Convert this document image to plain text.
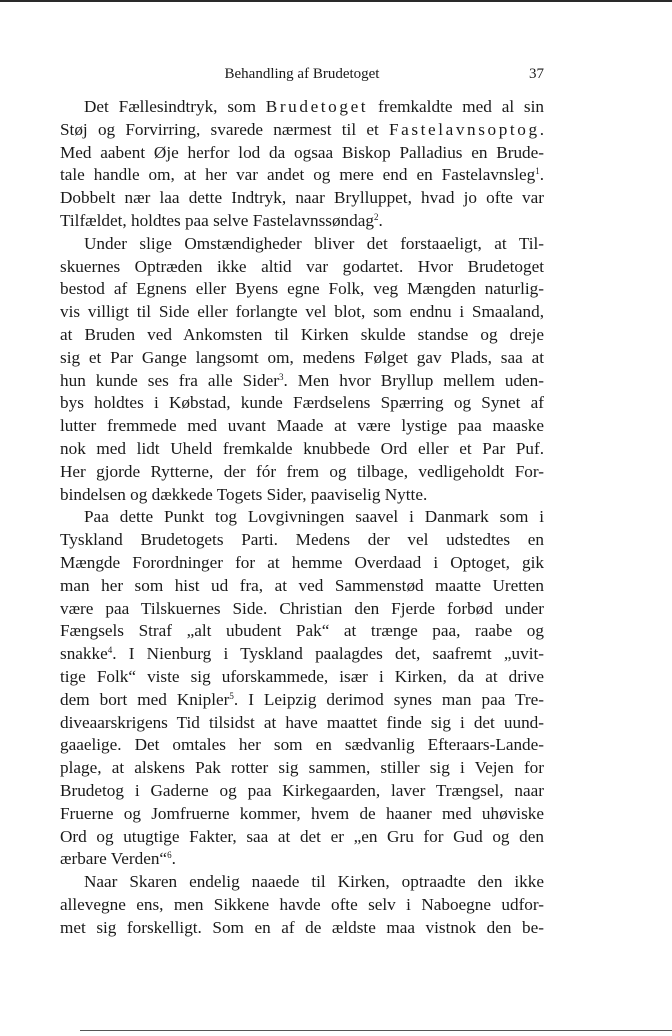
Behandling af Brudetoget	37
Det Fællesindtryk, som Brudetoget fremkaldte med al sin
Støj og Forvirring, svarede nærmest til et Fastelavnsoptog.
Med aabent Øje herfor lod da ogsaa Biskop Palladius en Brude-
tale handle om, at her var andet og mere end en Fastelavnsleg$^1$.
Dobbelt nær laa dette Indtryk, naar Brylluppet, hvad jo ofte var
Tilfældet, holdtes paa selve Fastelavnssøndag$^2$.
Under slige Omstændigheder bliver det forstaaeligt, at Til-
skuernes Optræden ikke altid var godartet. Hvor Brudetoget
bestod af Egnens eller Byens egne Folk, veg Mængden naturlig-
vis villigt til Side eller forlangte vel blot, som endnu i Smaaland,
at Bruden ved Ankomsten til Kirken skulde standse og dreje
sig et Par Gange langsomt om, medens Følget gav Plads, saa at
hun kunde ses fra alle Sider$^3$. Men hvor Bryllup mellem uden-
bys holdtes i Købstad, kunde Færdselens Spærring og Synet af
lutter fremmede med uvant Maade at være lystige paa maaske
nok med lidt Uheld fremkalde knubbede Ord eller et Par Puf.
Her gjorde Rytterne, der fór frem og tilbage, vedligeholdt For-
bindelsen og dækkede Togets Sider, paaviselig Nytte.
Paa dette Punkt tog Lovgivningen saavel i Danmark som i
Tyskland Brudetogets Parti. Medens der vel udstedtes en
Mængde Forordninger for at hemme Overdaad i Optoget, gik
man her som hist ud fra, at ved Sammenstød maatte Uretten
være paa Tilskuernes Side. Christian den Fjerde forbød under
Fængsels Straf „alt ubudent Pak“ at trænge paa, raabe og
snakke$^4$. I Nienburg i Tyskland paalagdes det, saafremt „uvit-
tige Folk“ viste sig uforskammede, især i Kirken, da at drive
dem bort med Knipler$^5$. I Leipzig derimod synes man paa Tre-
diveaarskrigens Tid tilsidst at have maattet finde sig i det uund-
gaaelige. Det omtales her som en sædvanlig Efteraars-Lande-
plage, at alskens Pak rotter sig sammen, stiller sig i Vejen for
Brudetog i Gaderne og paa Kirkegaarden, laver Trængsel, naar
Fruerne og Jomfruerne kommer, hvem de haaner med uhøviske
Ord og utugtige Fakter, saa at det er „en Gru for Gud og den
ærbare Verden“$^6$.
Naar Skaren endelig naaede til Kirken, optraadte den ikke
allevegne ens, men Sikkene havde ofte selv i Naboegne udfor-
met sig forskelligt. Som en af de ældste maa vistnok den be-
